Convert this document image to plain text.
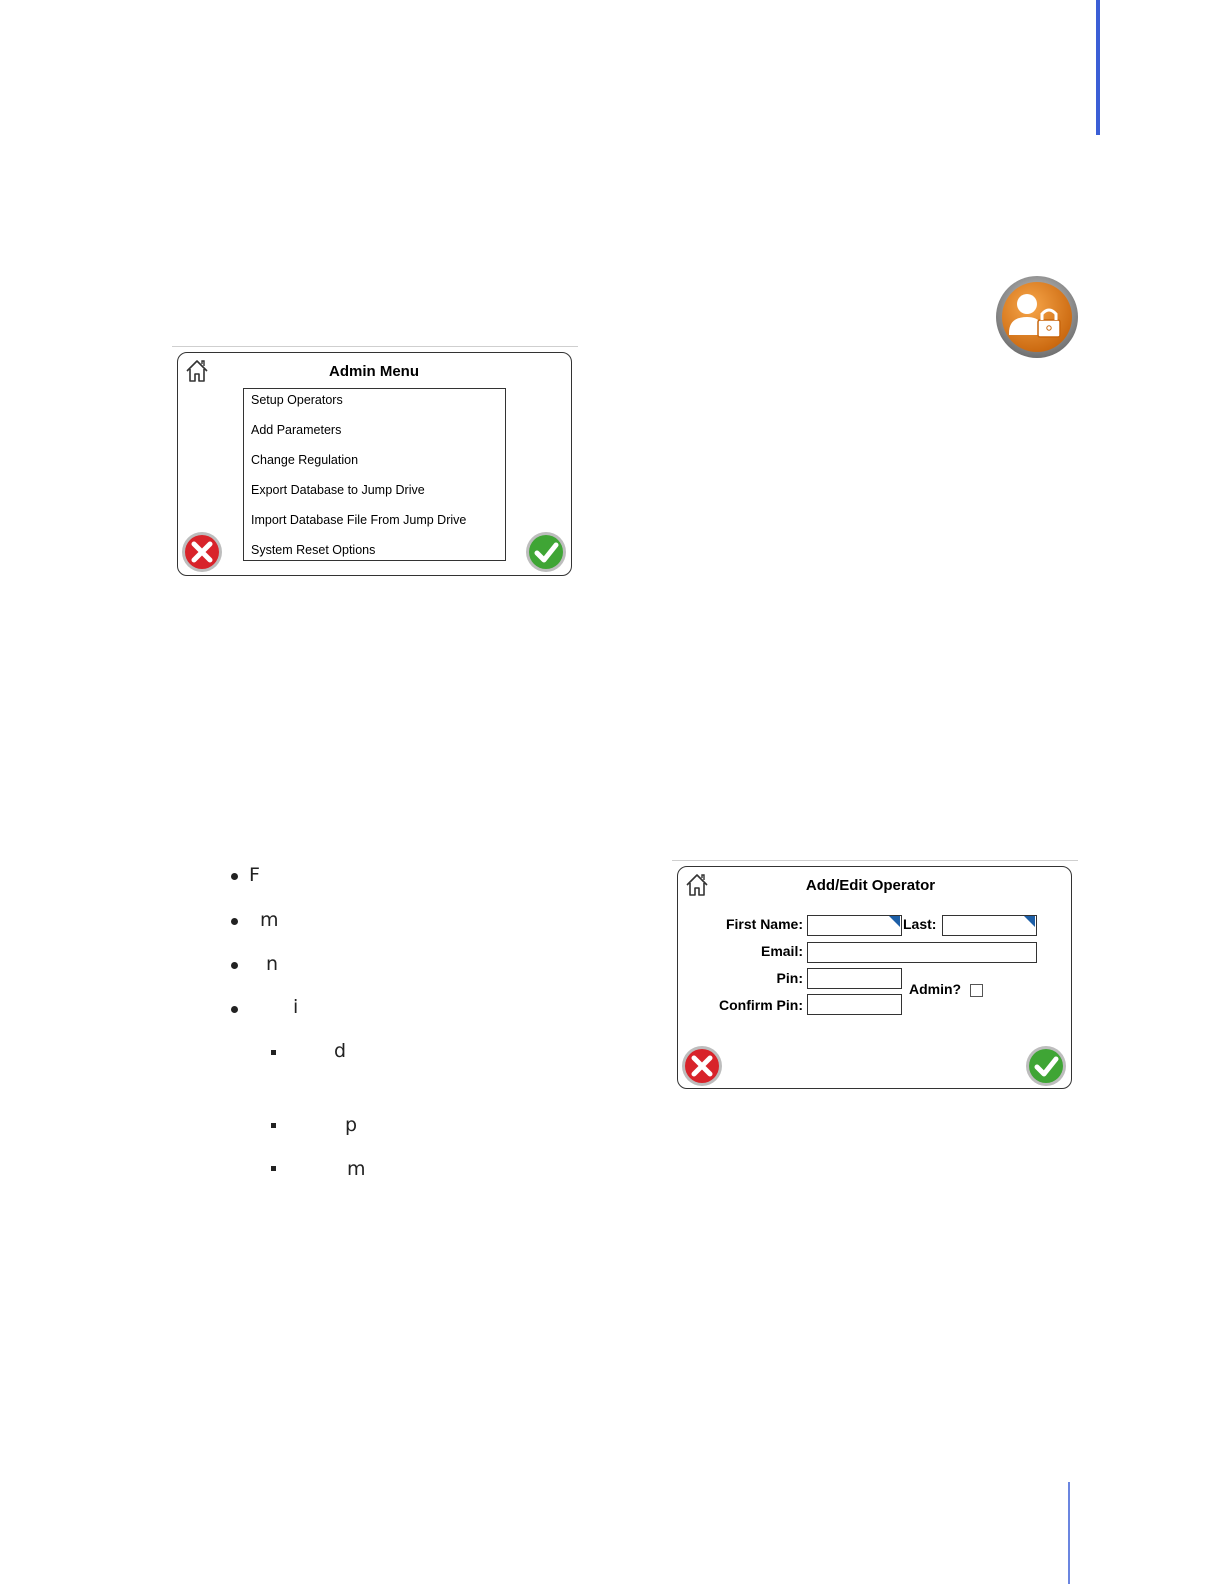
Admin Menu
Setup Operators
Add Parameters
Change Regulation
Export Database to Jump Drive
Import Database File From Jump Drive
System Reset Options
F
m
n
i
d
p
m
Add/Edit Operator
First Name:	Last:
Email:
Pin:
Confirm Pin:
Admin?
